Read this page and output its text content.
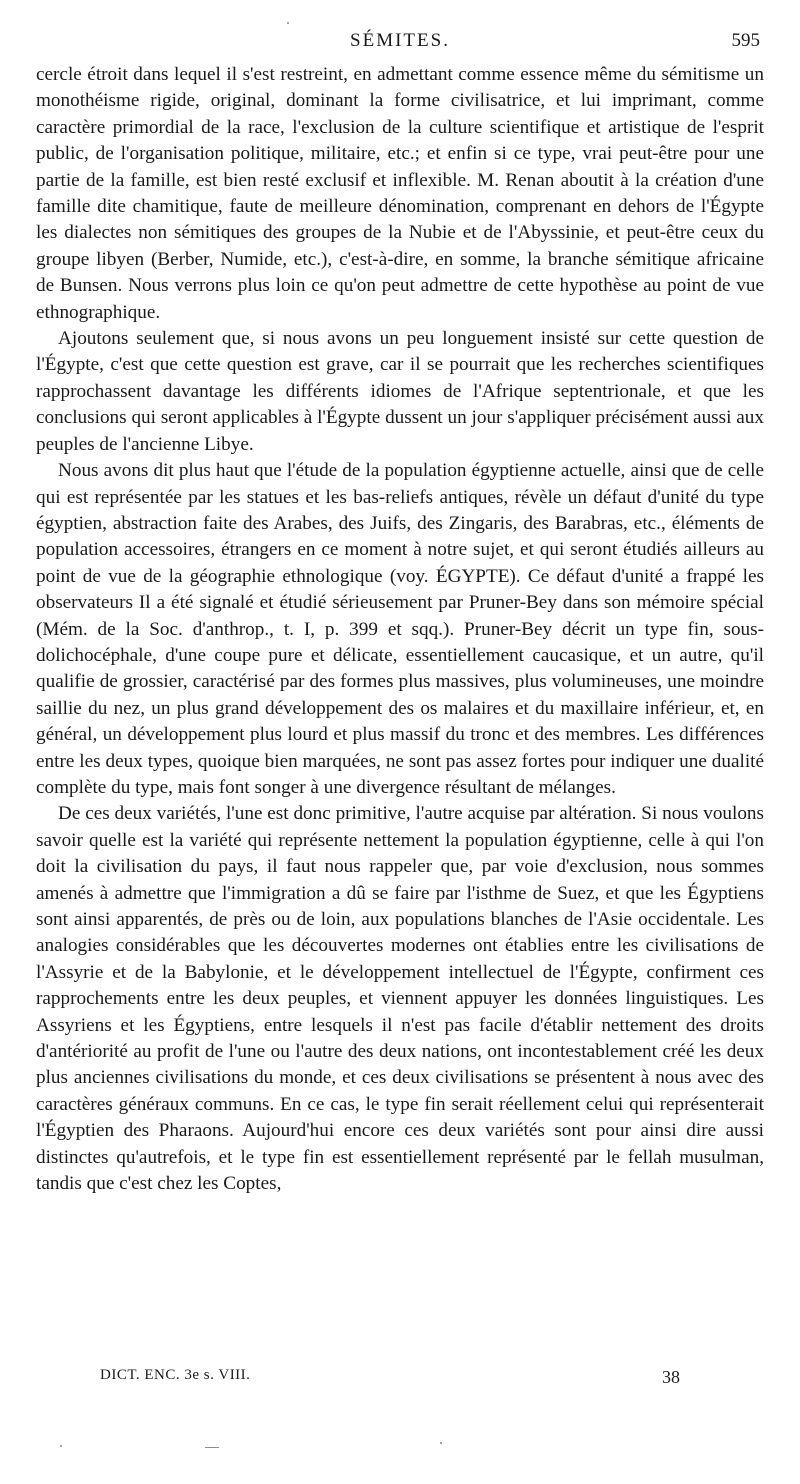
SÉMITES.	595

cercle étroit dans lequel il s'est restreint, en admettant comme essence même du sémitisme un monothéisme rigide, original, dominant la forme civilisatrice, et lui imprimant, comme caractère primordial de la race, l'exclusion de la culture scientifique et artistique de l'esprit public, de l'organisation politique, militaire, etc.; et enfin si ce type, vrai peut-être pour une partie de la famille, est bien resté exclusif et inflexible. M. Renan aboutit à la création d'une famille dite chamitique, faute de meilleure dénomination, comprenant en dehors de l'Égypte les dialectes non sémitiques des groupes de la Nubie et de l'Abyssinie, et peut-être ceux du groupe libyen (Berber, Numide, etc.), c'est-à-dire, en somme, la branche sémitique africaine de Bunsen. Nous verrons plus loin ce qu'on peut admettre de cette hypothèse au point de vue ethnographique.

Ajoutons seulement que, si nous avons un peu longuement insisté sur cette question de l'Égypte, c'est que cette question est grave, car il se pourrait que les recherches scientifiques rapprochassent davantage les différents idiomes de l'Afrique septentrionale, et que les conclusions qui seront applicables à l'Égypte dussent un jour s'appliquer précisément aussi aux peuples de l'ancienne Libye.

Nous avons dit plus haut que l'étude de la population égyptienne actuelle, ainsi que de celle qui est représentée par les statues et les bas-reliefs antiques, révèle un défaut d'unité du type égyptien, abstraction faite des Arabes, des Juifs, des Zingaris, des Barabras, etc., éléments de population accessoires, étrangers en ce moment à notre sujet, et qui seront étudiés ailleurs au point de vue de la géographie ethnologique (voy. ÉGYPTE). Ce défaut d'unité a frappé les observateurs Il a été signalé et étudié sérieusement par Pruner-Bey dans son mémoire spécial (Mém. de la Soc. d'anthrop., t. I, p. 399 et sqq.). Pruner-Bey décrit un type fin, sous-dolichocéphale, d'une coupe pure et délicate, essentiellement caucasique, et un autre, qu'il qualifie de grossier, caractérisé par des formes plus massives, plus volumineuses, une moindre saillie du nez, un plus grand développement des os malaires et du maxillaire inférieur, et, en général, un développement plus lourd et plus massif du tronc et des membres. Les différences entre les deux types, quoique bien marquées, ne sont pas assez fortes pour indiquer une dualité complète du type, mais font songer à une divergence résultant de mélanges.

De ces deux variétés, l'une est donc primitive, l'autre acquise par altération. Si nous voulons savoir quelle est la variété qui représente nettement la population égyptienne, celle à qui l'on doit la civilisation du pays, il faut nous rappeler que, par voie d'exclusion, nous sommes amenés à admettre que l'immigration a dû se faire par l'isthme de Suez, et que les Égyptiens sont ainsi apparentés, de près ou de loin, aux populations blanches de l'Asie occidentale. Les analogies considérables que les découvertes modernes ont établies entre les civilisations de l'Assyrie et de la Babylonie, et le développement intellectuel de l'Égypte, confirment ces rapprochements entre les deux peuples, et viennent appuyer les données linguistiques. Les Assyriens et les Égyptiens, entre lesquels il n'est pas facile d'établir nettement des droits d'antériorité au profit de l'une ou l'autre des deux nations, ont incontestablement créé les deux plus anciennes civilisations du monde, et ces deux civilisations se présentent à nous avec des caractères généraux communs. En ce cas, le type fin serait réellement celui qui représenterait l'Égyptien des Pharaons. Aujourd'hui encore ces deux variétés sont pour ainsi dire aussi distinctes qu'autrefois, et le type fin est essentiellement représenté par le fellah musulman, tandis que c'est chez les Coptes,

DICT. ENC. 3e s. VIII.	38
